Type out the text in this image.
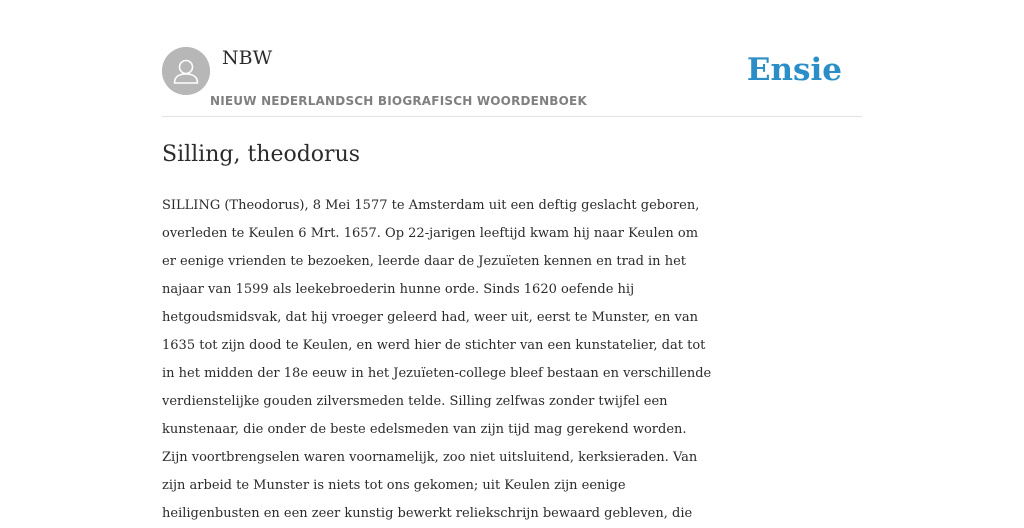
NBW
NIEUW NEDERLANDSCH BIOGRAFISCH WOORDENBOEK
Ensie
Silling, theodorus

SILLING (Theodorus), 8 Mei 1577 te Amsterdam uit een deftig geslacht geboren,
overleden te Keulen 6 Mrt. 1657. Op 22-jarigen leeftijd kwam hij naar Keulen om
er eenige vrienden te bezoeken, leerde daar de Jezuïeten kennen en trad in het
najaar van 1599 als leekebroederin hunne orde. Sinds 1620 oefende hij
hetgoudsmidsvak, dat hij vroeger geleerd had, weer uit, eerst te Munster, en van
1635 tot zijn dood te Keulen, en werd hier de stichter van een kunstatelier, dat tot
in het midden der 18e eeuw in het Jezuïeten-college bleef bestaan en verschillende
verdienstelijke gouden zilversmeden telde. Silling zelfwas zonder twijfel een
kunstenaar, die onder de beste edelsmeden van zijn tijd mag gerekend worden.
Zijn voortbrengselen waren voornamelijk, zoo niet uitsluitend, kerksieraden. Van
zijn arbeid te Munster is niets tot ons gekomen; uit Keulen zijn eenige
heiligenbusten en een zeer kunstig bewerkt reliekschrijn bewaard gebleven, die
